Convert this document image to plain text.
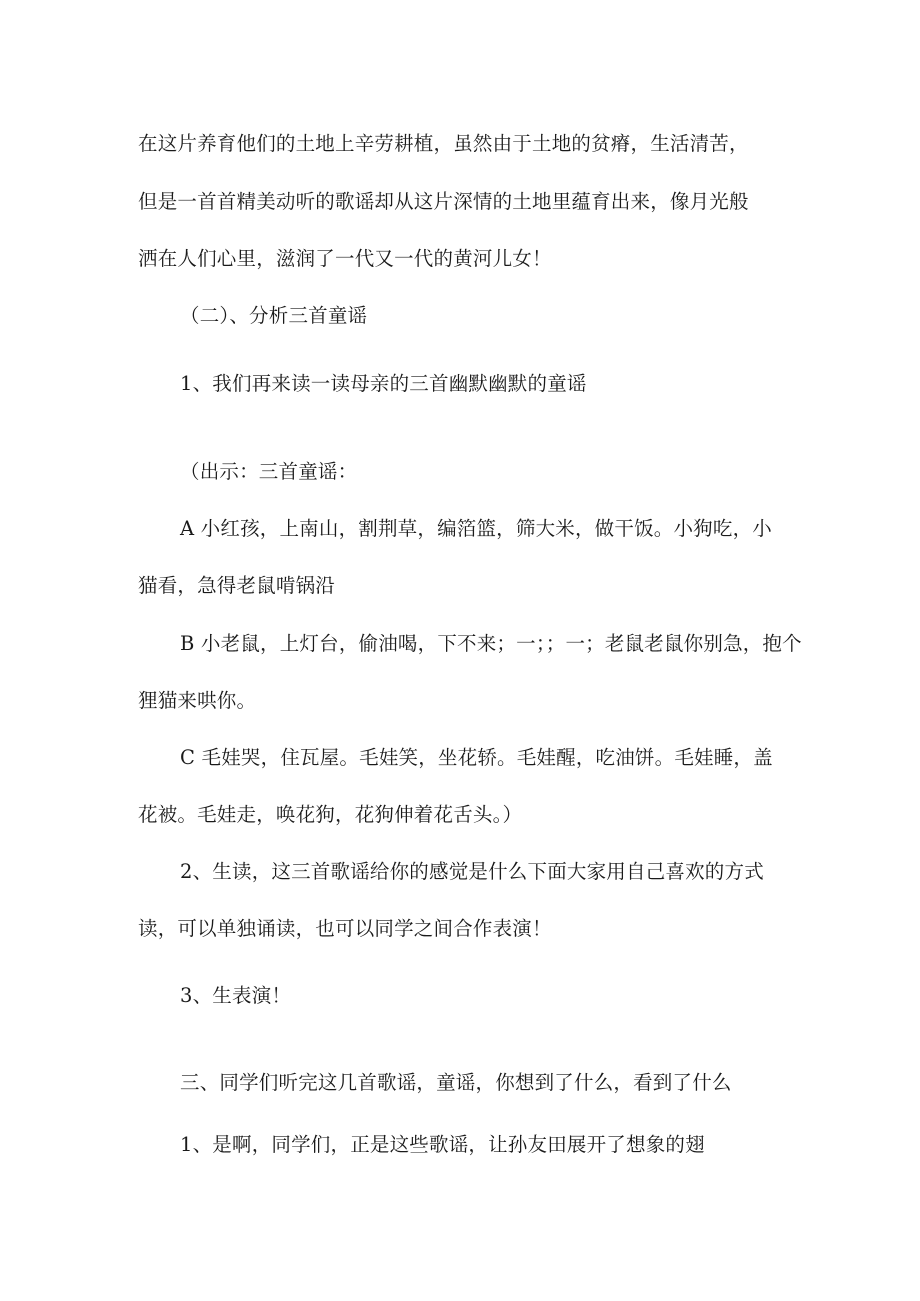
在这片养育他们的土地上辛劳耕植，虽然由于土地的贫瘠，生活清苦，
但是一首首精美动听的歌谣却从这片深情的土地里蕴育出来，像月光般
洒在人们心里，滋润了一代又一代的黄河儿女！
（二）、分析三首童谣
1、我们再来读一读母亲的三首幽默幽默的童谣
（出示：三首童谣：
A 小红孩，上南山，割荆草，编箔篮，筛大米，做干饭。小狗吃，小
猫看，急得老鼠啃锅沿
B 小老鼠，上灯台，偷油喝，下不来；一；；一；老鼠老鼠你别急，抱个
狸猫来哄你。
C 毛娃哭，住瓦屋。毛娃笑，坐花轿。毛娃醒，吃油饼。毛娃睡，盖
花被。毛娃走，唤花狗，花狗伸着花舌头。）
2、生读，这三首歌谣给你的感觉是什么下面大家用自己喜欢的方式
读，可以单独诵读，也可以同学之间合作表演！
3、生表演！
三、同学们听完这几首歌谣，童谣，你想到了什么，看到了什么
1、是啊，同学们，正是这些歌谣，让孙友田展开了想象的翅
